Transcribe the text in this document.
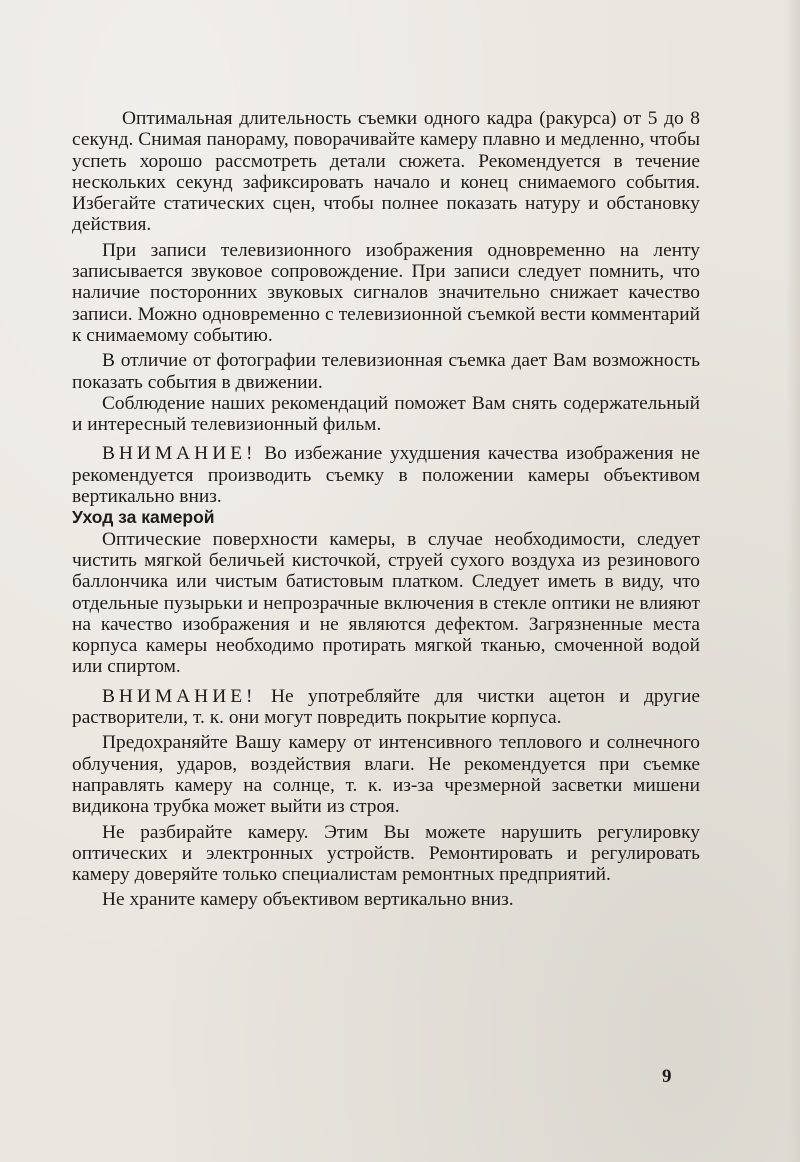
Оптимальная длительность съемки одного кадра (ракурса) от 5 до 8 секунд. Снимая панораму, поворачивайте камеру плавно и медленно, чтобы успеть хорошо рассмотреть детали сюжета. Рекомендуется в течение нескольких секунд зафиксировать начало и конец снимаемого события. Избегайте статических сцен, чтобы полнее показать натуру и обстановку действия.

При записи телевизионного изображения одновременно на ленту записывается звуковое сопровождение. При записи следует помнить, что наличие посторонних звуковых сигналов значительно снижает качество записи. Можно одновременно с телевизионной съемкой вести комментарий к снимаемому событию.

В отличие от фотографии телевизионная съемка дает Вам возможность показать события в движении.

Соблюдение наших рекомендаций поможет Вам снять содержательный и интересный телевизионный фильм.

ВНИМАНИЕ! Во избежание ухудшения качества изображения не рекомендуется производить съемку в положении камеры объективом вертикально вниз.

Уход за камерой

Оптические поверхности камеры, в случае необходимости, следует чистить мягкой беличьей кисточкой, струей сухого воздуха из резинового баллончика или чистым батистовым платком. Следует иметь в виду, что отдельные пузырьки и непрозрачные включения в стекле оптики не влияют на качество изображения и не являются дефектом. Загрязненные места корпуса камеры необходимо протирать мягкой тканью, смоченной водой или спиртом.

ВНИМАНИЕ! Не употребляйте для чистки ацетон и другие растворители, т. к. они могут повредить покрытие корпуса.

Предохраняйте Вашу камеру от интенсивного теплового и солнечного облучения, ударов, воздействия влаги. Не рекомендуется при съемке направлять камеру на солнце, т. к. из-за чрезмерной засветки мишени видикона трубка может выйти из строя.

Не разбирайте камеру. Этим Вы можете нарушить регулировку оптических и электронных устройств. Ремонтировать и регулировать камеру доверяйте только специалистам ремонтных предприятий.

Не храните камеру объективом вертикально вниз.

9
